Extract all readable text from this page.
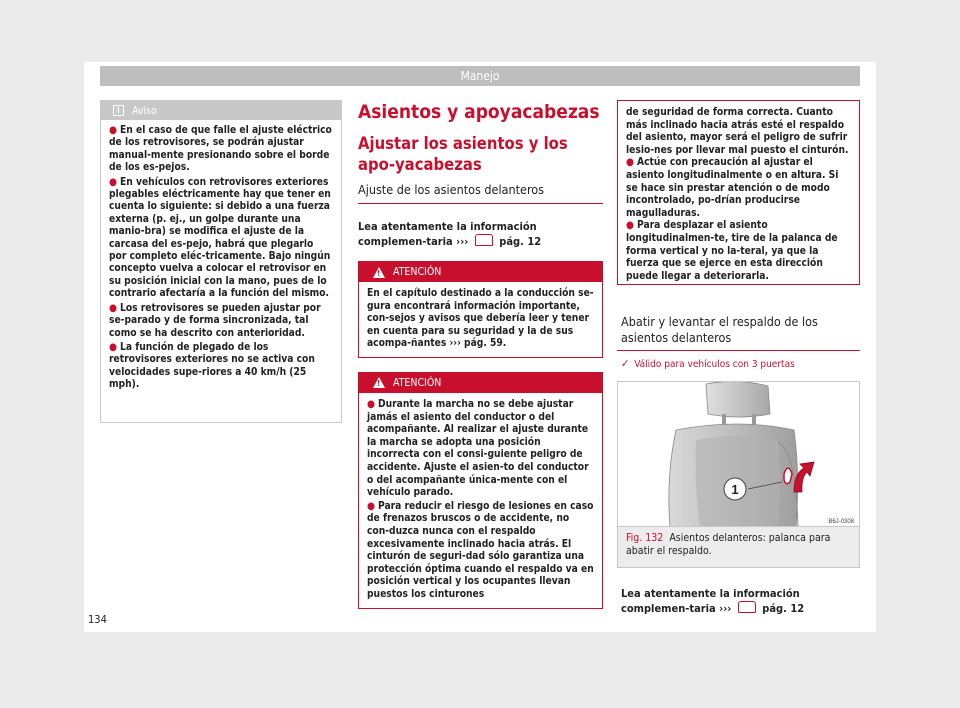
Manejo
i	Aviso
● En el caso de que falle el ajuste eléctrico de los retrovisores, se podrán ajustar manual-mente presionando sobre el borde de los es-pejos.
● En vehículos con retrovisores exteriores plegables eléctricamente hay que tener en cuenta lo siguiente: si debido a una fuerza externa (p. ej., un golpe durante una manio-bra) se modifica el ajuste de la carcasa del es-pejo, habrá que plegarlo por completo eléc-tricamente. Bajo ningún concepto vuelva a colocar el retrovisor en su posición inicial con la mano, pues de lo contrario afectaría a la función del mismo.
● Los retrovisores se pueden ajustar por se-parado y de forma sincronizada, tal como se ha descrito con anterioridad.
● La función de plegado de los retrovisores exteriores no se activa con velocidades supe-riores a 40 km/h (25 mph).
Asientos y apoyacabezas
Ajustar los asientos y los apo-yacabezas
Ajuste de los asientos delanteros
Lea atentamente la información complemen-taria ›››	pág. 12
! ATENCIÓN
En el capítulo destinado a la conducción se-gura encontrará información importante, con-sejos y avisos que debería leer y tener en cuenta para su seguridad y la de sus acompa-ñantes ››› pág. 59.
! ATENCIÓN

● Durante la marcha no se debe ajustar jamás el asiento del conductor o del acompañante. Al realizar el ajuste durante la marcha se adopta una posición incorrecta con el consi-guiente peligro de accidente. Ajuste el asien-to del conductor o del acompañante única-mente con el vehículo parado.

● Para reducir el riesgo de lesiones en caso de frenazos bruscos o de accidente, no con-duzca nunca con el respaldo excesivamente inclinado hacia atrás. El cinturón de seguri-dad sólo garantiza una protección óptima cuando el respaldo va en posición vertical y los ocupantes llevan puestos los cinturones

de seguridad de forma correcta. Cuanto más inclinado hacia atrás esté el respaldo del asiento, mayor será el peligro de sufrir lesio-nes por llevar mal puesto el cinturón.

● Actúe con precaución al ajustar el asiento longitudinalmente o en altura. Si se hace sin prestar atención o de modo incontrolado, po-drían producirse magulladuras.

● Para desplazar el asiento longitudinalmen-te, tire de la palanca de forma vertical y no la-teral, ya que la fuerza que se ejerce en esta dirección puede llegar a deteriorarla.

Abatir y levantar el respaldo de los asientos delanteros
✓ Válido para vehículos con 3 puertas
1
B6J-0308
Fig. 132 Asientos delanteros: palanca para abatir el respaldo.
Lea atentamente la información complemen-taria ›››	pág. 12
134
